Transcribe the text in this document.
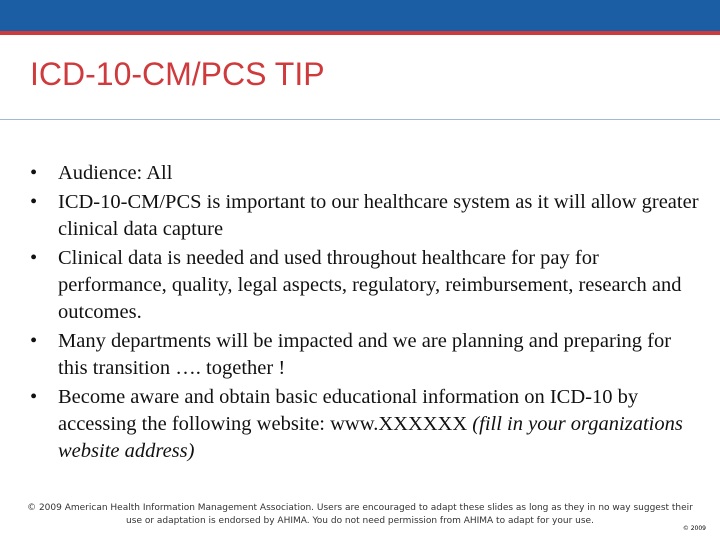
ICD-10-CM/PCS TIP
• Audience: All
• ICD-10-CM/PCS is important to our healthcare system as it will allow greater clinical data capture
• Clinical data is needed and used throughout healthcare for pay for performance, quality, legal aspects, regulatory, reimbursement, research and outcomes.
• Many departments will be impacted and we are planning and preparing for this transition …. together !
• Become aware and obtain basic educational information on ICD-10 by accessing the following website: www.XXXXXX (fill in your organizations website address)
© 2009 American Health Information Management Association. Users are encouraged to adapt these slides as long as they in no way suggest their use or adaptation is endorsed by AHIMA. You do not need permission from AHIMA to adapt for your use.
© 2009
